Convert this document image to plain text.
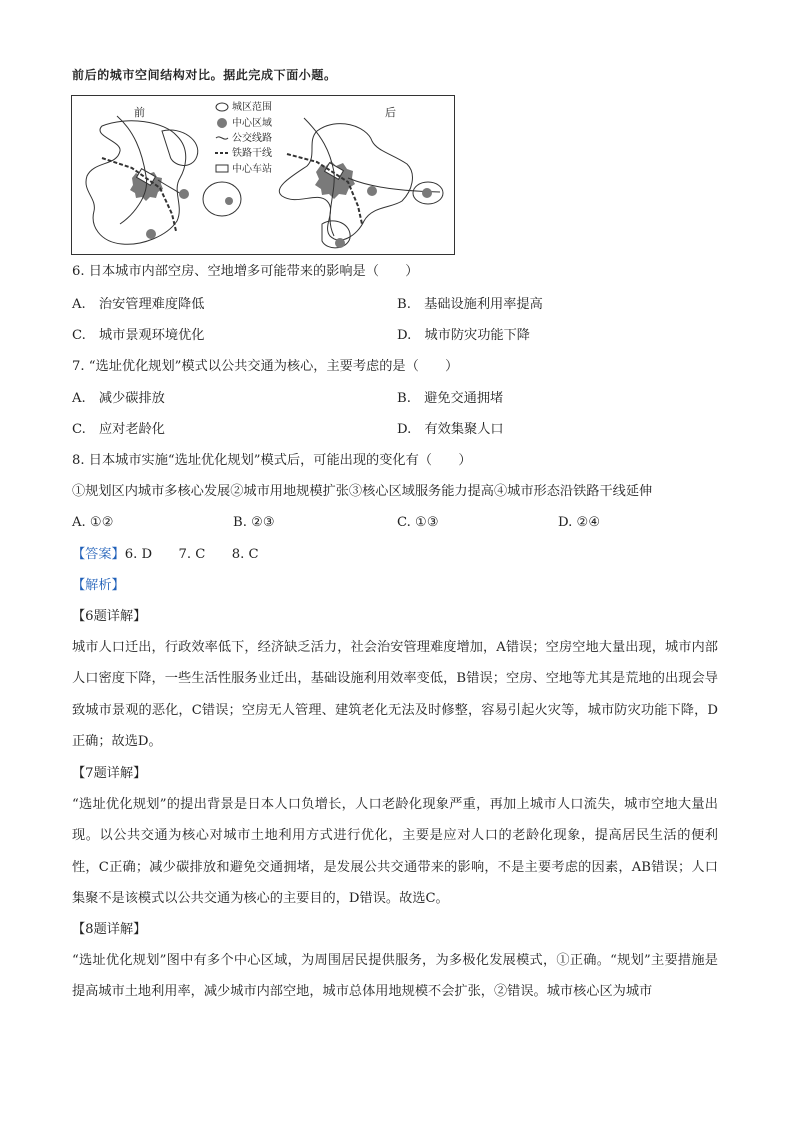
前后的城市空间结构对比。据此完成下面小题。
前	后
城区范围
中心区域
公交线路
铁路干线
中心车站
6. 日本城市内部空房、空地增多可能带来的影响是（　　）
A.  治安管理难度降低	B.  基础设施利用率提高
C.  城市景观环境优化	D.  城市防灾功能下降
7. “选址优化规划”模式以公共交通为核心，主要考虑的是（　　）
A.  减少碳排放	B.  避免交通拥堵
C.  应对老龄化	D.  有效集聚人口
8. 日本城市实施“选址优化规划”模式后，可能出现的变化有（　　）
①规划区内城市多核心发展②城市用地规模扩张③核心区域服务能力提高④城市形态沿铁路干线延伸
A. ①②	B. ②③	C. ①③	D. ②④
【答案】6. D　　7. C　　8. C
【解析】
【6题详解】

城市人口迁出，行政效率低下，经济缺乏活力，社会治安管理难度增加，A错误；空房空地大量出现，城市内部人口密度下降，一些生活性服务业迁出，基础设施利用效率变低，B错误；空房、空地等尤其是荒地的出现会导致城市景观的恶化，C错误；空房无人管理、建筑老化无法及时修整，容易引起火灾等，城市防灾功能下降，D正确；故选D。

【7题详解】

“选址优化规划”的提出背景是日本人口负增长，人口老龄化现象严重，再加上城市人口流失，城市空地大量出现。以公共交通为核心对城市土地利用方式进行优化，主要是应对人口的老龄化现象，提高居民生活的便利性，C正确；减少碳排放和避免交通拥堵，是发展公共交通带来的影响，不是主要考虑的因素，AB错误；人口集聚不是该模式以公共交通为核心的主要目的，D错误。故选C。

【8题详解】

“选址优化规划”图中有多个中心区域，为周围居民提供服务，为多极化发展模式，①正确。“规划”主要措施是提高城市土地利用率，减少城市内部空地，城市总体用地规模不会扩张，②错误。城市核心区为城市
